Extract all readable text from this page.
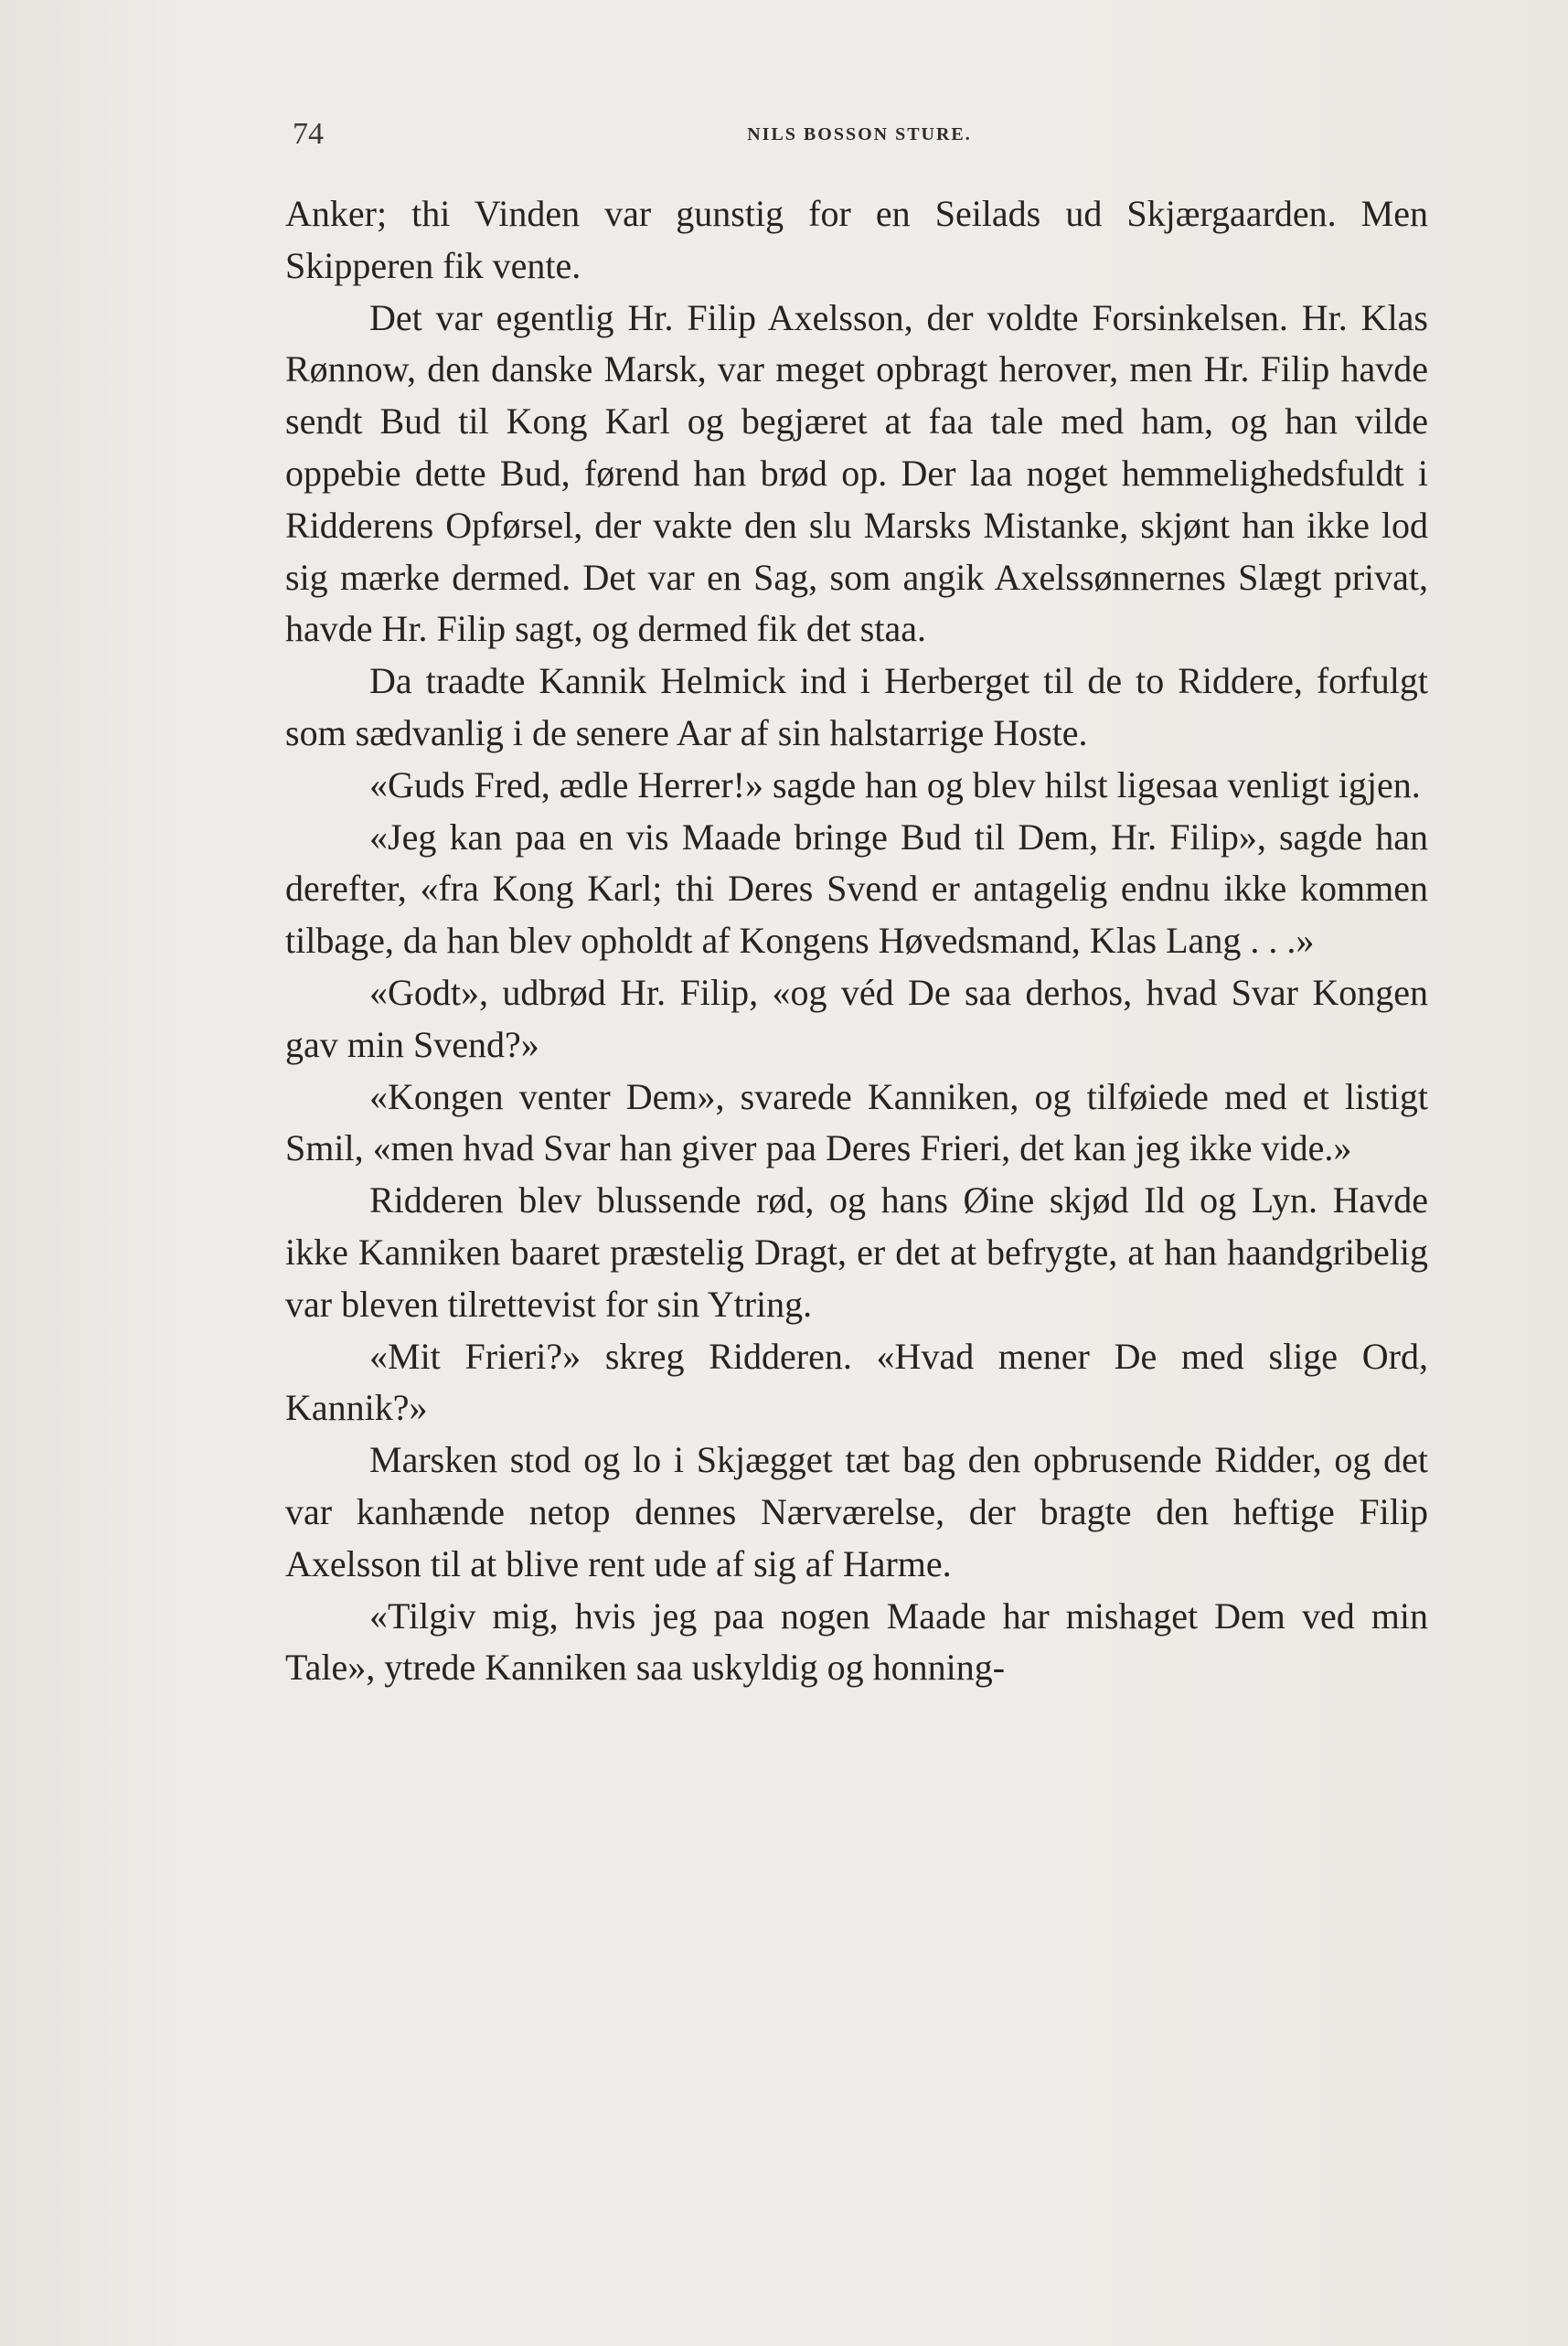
74	NILS BOSSON STURE.

Anker; thi Vinden var gunstig for en Seilads ud Skjærgaarden. Men Skipperen fik vente.

Det var egentlig Hr. Filip Axelsson, der voldte Forsinkelsen. Hr. Klas Rønnow, den danske Marsk, var meget opbragt herover, men Hr. Filip havde sendt Bud til Kong Karl og begjæret at faa tale med ham, og han vilde oppebie dette Bud, førend han brød op. Der laa noget hemmelighedsfuldt i Ridderens Opførsel, der vakte den slu Marsks Mistanke, skjønt han ikke lod sig mærke dermed. Det var en Sag, som angik Axelssønnernes Slægt privat, havde Hr. Filip sagt, og dermed fik det staa.

Da traadte Kannik Helmick ind i Herberget til de to Riddere, forfulgt som sædvanlig i de senere Aar af sin halstarrige Hoste.

«Guds Fred, ædle Herrer!» sagde han og blev hilst ligesaa venligt igjen.

«Jeg kan paa en vis Maade bringe Bud til Dem, Hr. Filip», sagde han derefter, «fra Kong Karl; thi Deres Svend er antagelig endnu ikke kommen tilbage, da han blev opholdt af Kongens Høvedsmand, Klas Lang . . .»

«Godt», udbrød Hr. Filip, «og véd De saa derhos, hvad Svar Kongen gav min Svend?»

«Kongen venter Dem», svarede Kanniken, og tilføiede med et listigt Smil, «men hvad Svar han giver paa Deres Frieri, det kan jeg ikke vide.»

Ridderen blev blussende rød, og hans Øine skjød Ild og Lyn. Havde ikke Kanniken baaret præstelig Dragt, er det at befrygte, at han haandgribelig var bleven tilrettevist for sin Ytring.

«Mit Frieri?» skreg Ridderen. «Hvad mener De med slige Ord, Kannik?»

Marsken stod og lo i Skjægget tæt bag den opbrusende Ridder, og det var kanhænde netop dennes Nærværelse, der bragte den heftige Filip Axelsson til at blive rent ude af sig af Harme.

«Tilgiv mig, hvis jeg paa nogen Maade har mishaget Dem ved min Tale», ytrede Kanniken saa uskyldig og honning-
